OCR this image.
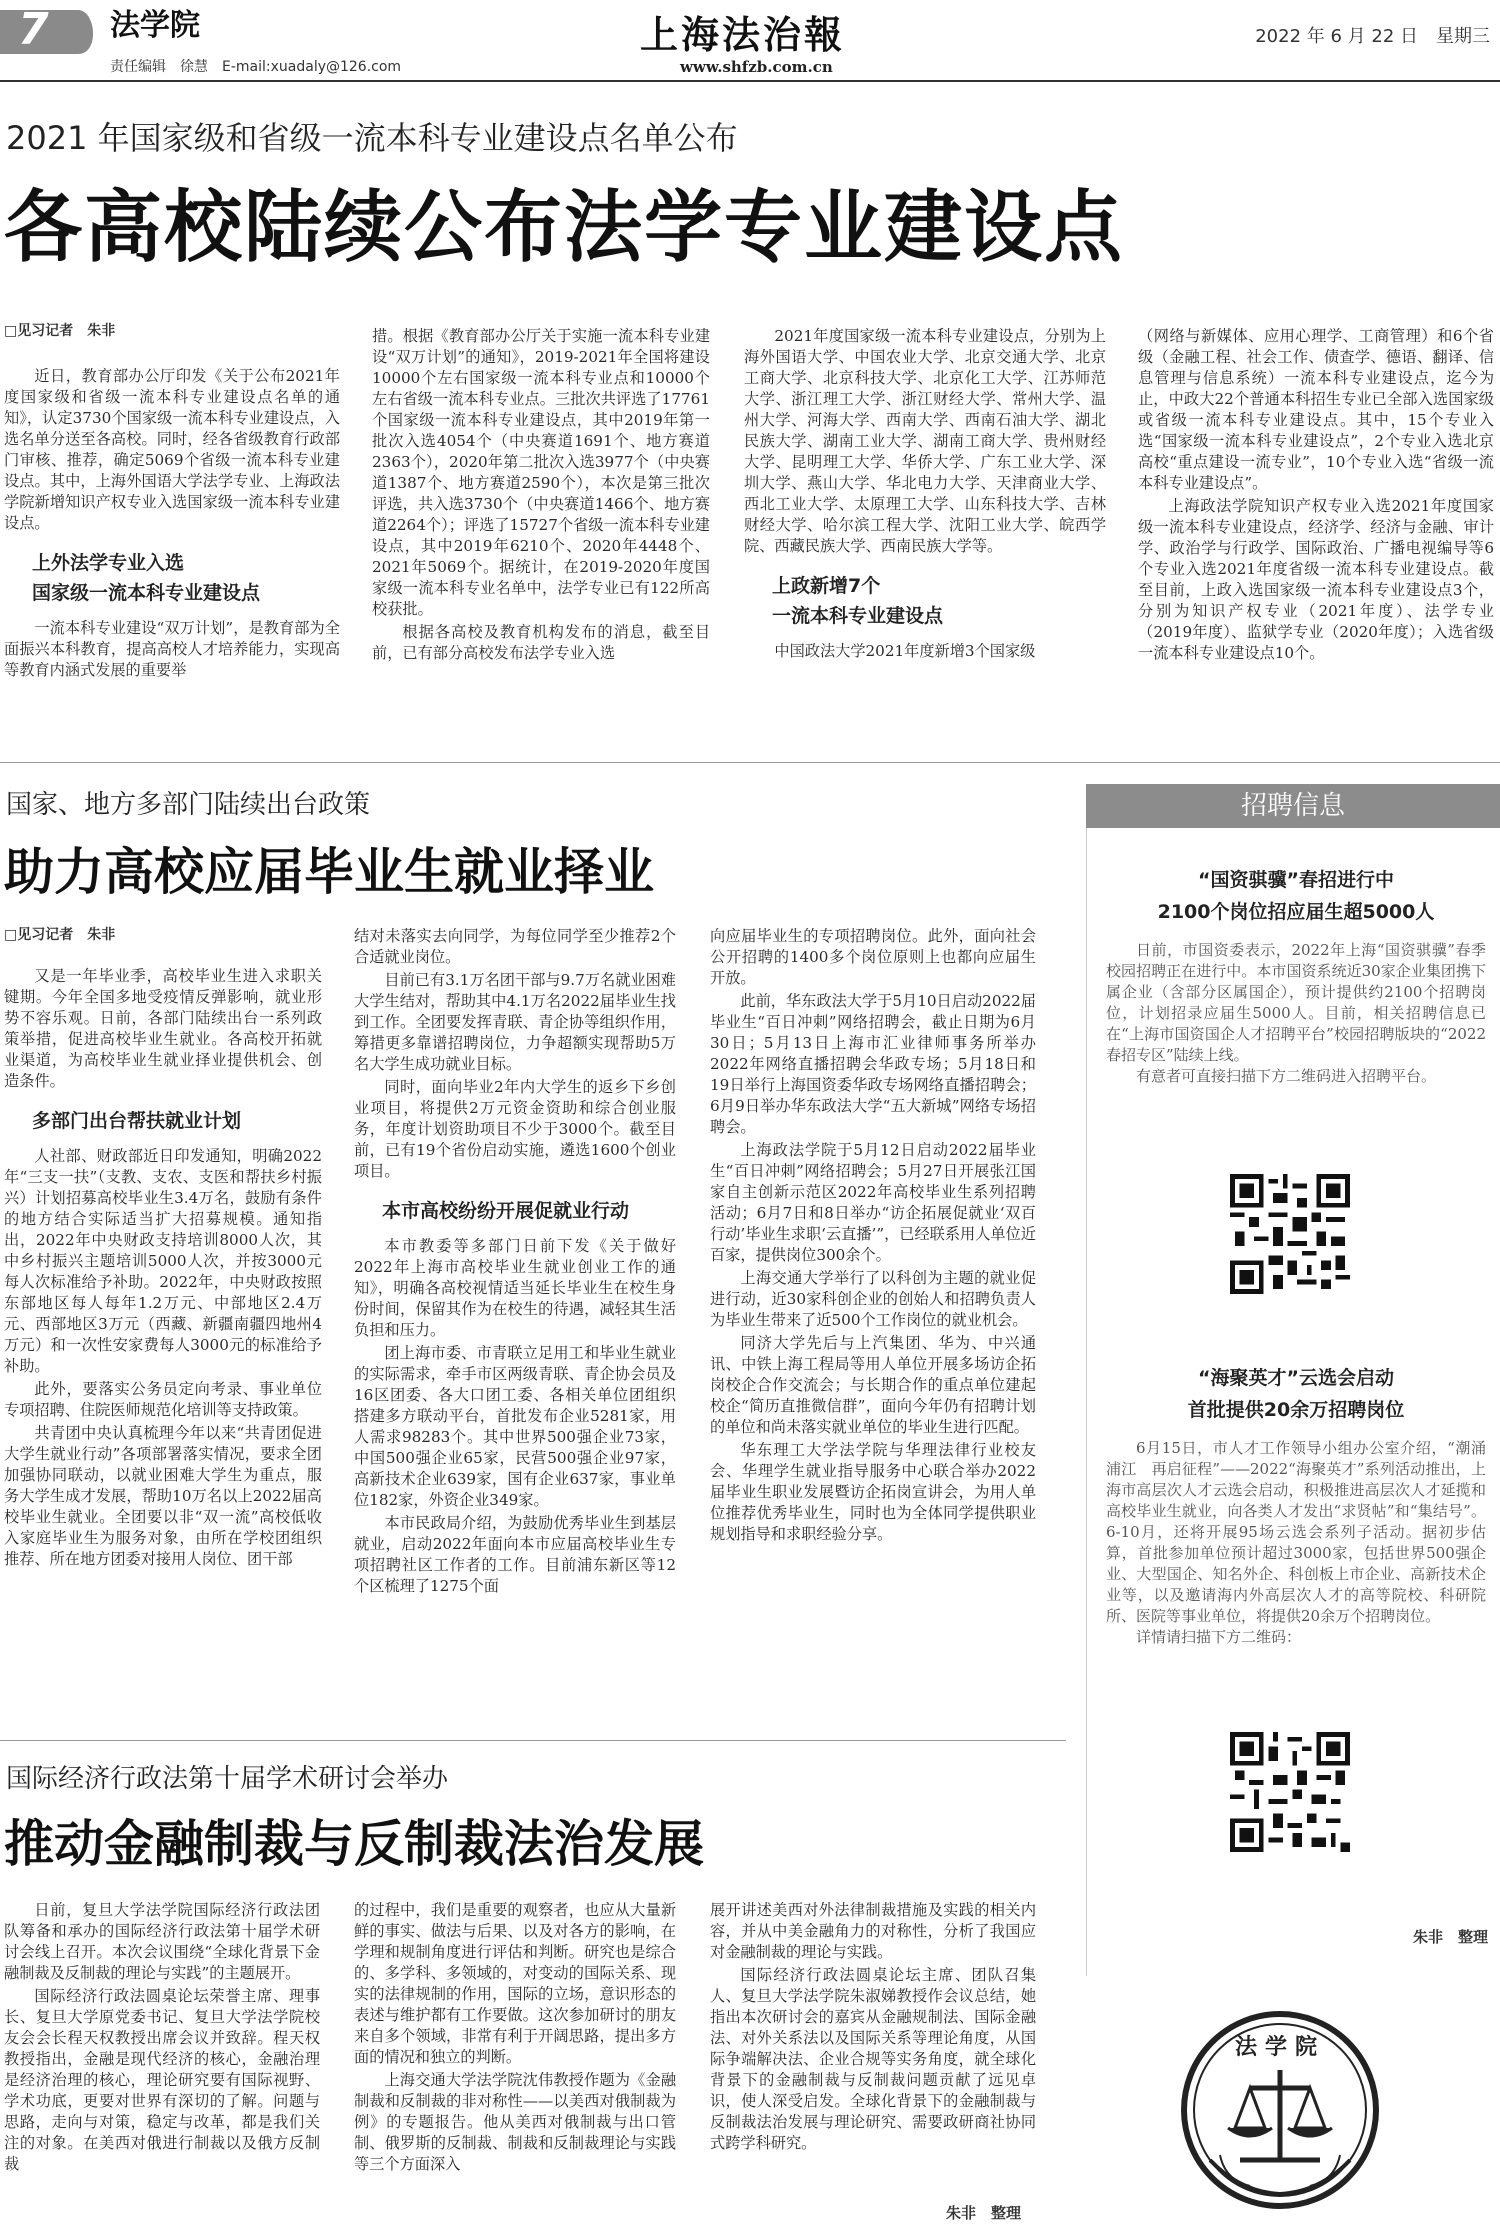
7 法学院
责任编辑　徐慧　E-mail:xuadaly@126.com
上海法治報
www.shfzb.com.cn
2022 年 6 月 22 日　星期三
2021 年国家级和省级一流本科专业建设点名单公布
各高校陆续公布法学专业建设点
□见习记者　朱非

近日，教育部办公厅印发《关于公布2021年度国家级和省级一流本科专业建设点名单的通知》，认定3730个国家级一流本科专业建设点，入选名单分送至各高校。同时，经各省级教育行政部门审核、推荐，确定5069个省级一流本科专业建设点。其中，上海外国语大学法学专业、上海政法学院新增知识产权专业入选国家级一流本科专业建设点。

上外法学专业入选
国家级一流本科专业建设点

一流本科专业建设“双万计划”，是教育部为全面振兴本科教育，提高高校人才培养能力，实现高等教育内涵式发展的重要举

措。根据《教育部办公厅关于实施一流本科专业建设“双万计划”的通知》，2019-2021年全国将建设10000个左右国家级一流本科专业点和10000个左右省级一流本科专业点。三批次共评选了17761个国家级一流本科专业建设点，其中2019年第一批次入选4054个（中央赛道1691个、地方赛道2363个），2020年第二批次入选3977个（中央赛道1387个、地方赛道2590个），本次是第三批次评选，共入选3730个（中央赛道1466个、地方赛道2264个）；评选了15727个省级一流本科专业建设点，其中2019年6210个、2020年4448个、2021年5069个。据统计，在2019-2020年度国家级一流本科专业名单中，法学专业已有122所高校获批。

根据各高校及教育机构发布的消息，截至目前，已有部分高校发布法学专业入选

2021年度国家级一流本科专业建设点，分别为上海外国语大学、中国农业大学、北京交通大学、北京工商大学、北京科技大学、北京化工大学、江苏师范大学、浙江理工大学、浙江财经大学、常州大学、温州大学、河海大学、西南大学、西南石油大学、湖北民族大学、湖南工业大学、湖南工商大学、贵州财经大学、昆明理工大学、华侨大学、广东工业大学、深圳大学、燕山大学、华北电力大学、天津商业大学、西北工业大学、太原理工大学、山东科技大学、吉林财经大学、哈尔滨工程大学、沈阳工业大学、皖西学院、西藏民族大学、西南民族大学等。

上政新增7个
一流本科专业建设点

中国政法大学2021年度新增3个国家级

（网络与新媒体、应用心理学、工商管理）和6个省级（金融工程、社会工作、债查学、德语、翻译、信息管理与信息系统）一流本科专业建设点，迄今为止，中政大22个普通本科招生专业已全部入选国家级或省级一流本科专业建设点。其中，15个专业入选“国家级一流本科专业建设点”，2个专业入选北京高校“重点建设一流专业”，10个专业入选“省级一流本科专业建设点”。

上海政法学院知识产权专业入选2021年度国家级一流本科专业建设点，经济学、经济与金融、审计学、政治学与行政学、国际政治、广播电视编导等6个专业入选2021年度省级一流本科专业建设点。截至目前，上政入选国家级一流本科专业建设点3个，分别为知识产权专业（2021年度）、法学专业（2019年度）、监狱学专业（2020年度）；入选省级一流本科专业建设点10个。

国家、地方多部门陆续出台政策
助力高校应届毕业生就业择业
□见习记者　朱非

又是一年毕业季，高校毕业生进入求职关键期。今年全国多地受疫情反弹影响，就业形势不容乐观。日前，各部门陆续出台一系列政策举措，促进高校毕业生就业。各高校开拓就业渠道，为高校毕业生就业择业提供机会、创造条件。

多部门出台帮扶就业计划

人社部、财政部近日印发通知，明确2022年“三支一扶”（支教、支农、支医和帮扶乡村振兴）计划招募高校毕业生3.4万名，鼓励有条件的地方结合实际适当扩大招募规模。通知指出，2022年中央财政支持培训8000人次，其中乡村振兴主题培训5000人次，并按3000元每人次标准给予补助。2022年，中央财政按照东部地区每人每年1.2万元、中部地区2.4万元、西部地区3万元（西藏、新疆南疆四地州4万元）和一次性安家费每人3000元的标准给予补助。

此外，要落实公务员定向考录、事业单位专项招聘、住院医师规范化培训等支持政策。

共青团中央认真梳理今年以来“共青团促进大学生就业行动”各项部署落实情况，要求全团加强协同联动，以就业困难大学生为重点，服务大学生成才发展，帮助10万名以上2022届高校毕业生就业。全团要以非“双一流”高校低收入家庭毕业生为服务对象，由所在学校团组织推荐、所在地方团委对接用人岗位、团干部

结对未落实去向同学，为每位同学至少推荐2个合适就业岗位。

目前已有3.1万名团干部与9.7万名就业困难大学生结对，帮助其中4.1万名2022届毕业生找到工作。全团要发挥青联、青企协等组织作用，筹措更多靠谱招聘岗位，力争超额实现帮助5万名大学生成功就业目标。

同时，面向毕业2年内大学生的返乡下乡创业项目，将提供2万元资金资助和综合创业服务，年度计划资助项目不少于3000个。截至目前，已有19个省份启动实施，遴选1600个创业项目。

本市高校纷纷开展促就业行动

本市教委等多部门日前下发《关于做好2022年上海市高校毕业生就业创业工作的通知》，明确各高校视情适当延长毕业生在校生身份时间，保留其作为在校生的待遇，减轻其生活负担和压力。

团上海市委、市青联立足用工和毕业生就业的实际需求，牵手市区两级青联、青企协会员及16区团委、各大口团工委、各相关单位团组织搭建多方联动平台，首批发布企业5281家，用人需求98283个。其中世界500强企业73家，中国500强企业65家，民营500强企业97家，高新技术企业639家，国有企业637家，事业单位182家，外资企业349家。

本市民政局介绍，为鼓励优秀毕业生到基层就业，启动2022年面向本市应届高校毕业生专项招聘社区工作者的工作。目前浦东新区等12个区梳理了1275个面

向应届毕业生的专项招聘岗位。此外，面向社会公开招聘的1400多个岗位原则上也都向应届生开放。

此前，华东政法大学于5月10日启动2022届毕业生“百日冲刺”网络招聘会，截止日期为6月30日；5月13日上海市汇业律师事务所举办2022年网络直播招聘会华政专场；5月18日和19日举行上海国资委华政专场网络直播招聘会；6月9日举办华东政法大学“五大新城”网络专场招聘会。

上海政法学院于5月12日启动2022届毕业生“百日冲刺”网络招聘会；5月27日开展张江国家自主创新示范区2022年高校毕业生系列招聘活动；6月7日和8日举办“访企拓展促就业‘双百行动’毕业生求职‘云直播’”，已经联系用人单位近百家，提供岗位300余个。

上海交通大学举行了以科创为主题的就业促进行动，近30家科创企业的创始人和招聘负责人为毕业生带来了近500个工作岗位的就业机会。

同济大学先后与上汽集团、华为、中兴通讯、中铁上海工程局等用人单位开展多场访企拓岗校企合作交流会；与长期合作的重点单位建起校企“简历直推微信群”，面向今年仍有招聘计划的单位和尚未落实就业单位的毕业生进行匹配。

华东理工大学法学院与华理法律行业校友会、华理学生就业指导服务中心联合举办2022届毕业生职业发展暨访企拓岗宣讲会，为用人单位推荐优秀毕业生，同时也为全体同学提供职业规划指导和求职经验分享。

招聘信息
“国资骐骥”春招进行中
2100个岗位招应届生超5000人

日前，市国资委表示，2022年上海“国资骐骥”春季校园招聘正在进行中。本市国资系统近30家企业集团携下属企业（含部分区属国企），预计提供约2100个招聘岗位，计划招录应届生5000人。目前，相关招聘信息已在“上海市国资国企人才招聘平台”校园招聘版块的“2022春招专区”陆续上线。

有意者可直接扫描下方二维码进入招聘平台。

“海聚英才”云选会启动
首批提供20余万招聘岗位

6月15日，市人才工作领导小组办公室介绍，“潮涌浦江　再启征程”——2022“海聚英才”系列活动推出，上海市高层次人才云选会启动，积极推进高层次人才延揽和高校毕业生就业，向各类人才发出“求贤帖”和“集结号”。6-10月，还将开展95场云选会系列子活动。据初步估算，首批参加单位预计超过3000家，包括世界500强企业、大型国企、知名外企、科创板上市企业、高新技术企业等，以及邀请海内外高层次人才的高等院校、科研院所、医院等事业单位，将提供20余万个招聘岗位。

详情请扫描下方二维码：

朱非　整理
国际经济行政法第十届学术研讨会举办
推动金融制裁与反制裁法治发展

日前，复旦大学法学院国际经济行政法团队筹备和承办的国际经济行政法第十届学术研讨会线上召开。本次会议围绕“全球化背景下金融制裁及反制裁的理论与实践”的主题展开。

国际经济行政法圆桌论坛荣誉主席、理事长、复旦大学原党委书记、复旦大学法学院校友会会长程天权教授出席会议并致辞。程天权教授指出，金融是现代经济的核心，金融治理是经济治理的核心，理论研究要有国际视野、学术功底，更要对世界有深切的了解。问题与思路，走向与对策，稳定与改革，都是我们关注的对象。在美西对俄进行制裁以及俄方反制裁

的过程中，我们是重要的观察者，也应从大量新鲜的事实、做法与后果、以及对各方的影响，在学理和规制角度进行评估和判断。研究也是综合的、多学科、多领域的，对变动的国际关系、现实的法律规制的作用，国际的立场，意识形态的表述与维护都有工作要做。这次参加研讨的朋友来自多个领域，非常有利于开阔思路，提出多方面的情况和独立的判断。

上海交通大学法学院沈伟教授作题为《金融制裁和反制裁的非对称性——以美西对俄制裁为例》的专题报告。他从美西对俄制裁与出口管制、俄罗斯的反制裁、制裁和反制裁理论与实践等三个方面深入

展开讲述美西对外法律制裁措施及实践的相关内容，并从中美金融角力的对称性，分析了我国应对金融制裁的理论与实践。

国际经济行政法圆桌论坛主席、团队召集人、复旦大学法学院朱淑娣教授作会议总结，她指出本次研讨会的嘉宾从金融规制法、国际金融法、对外关系法以及国际关系等理论角度，从国际争端解决法、企业合规等实务角度，就全球化背景下的金融制裁与反制裁问题贡献了远见卓识，使人深受启发。全球化背景下的金融制裁与反制裁法治发展与理论研究、需要政研商社协同式跨学科研究。

朱非　整理
法学院
